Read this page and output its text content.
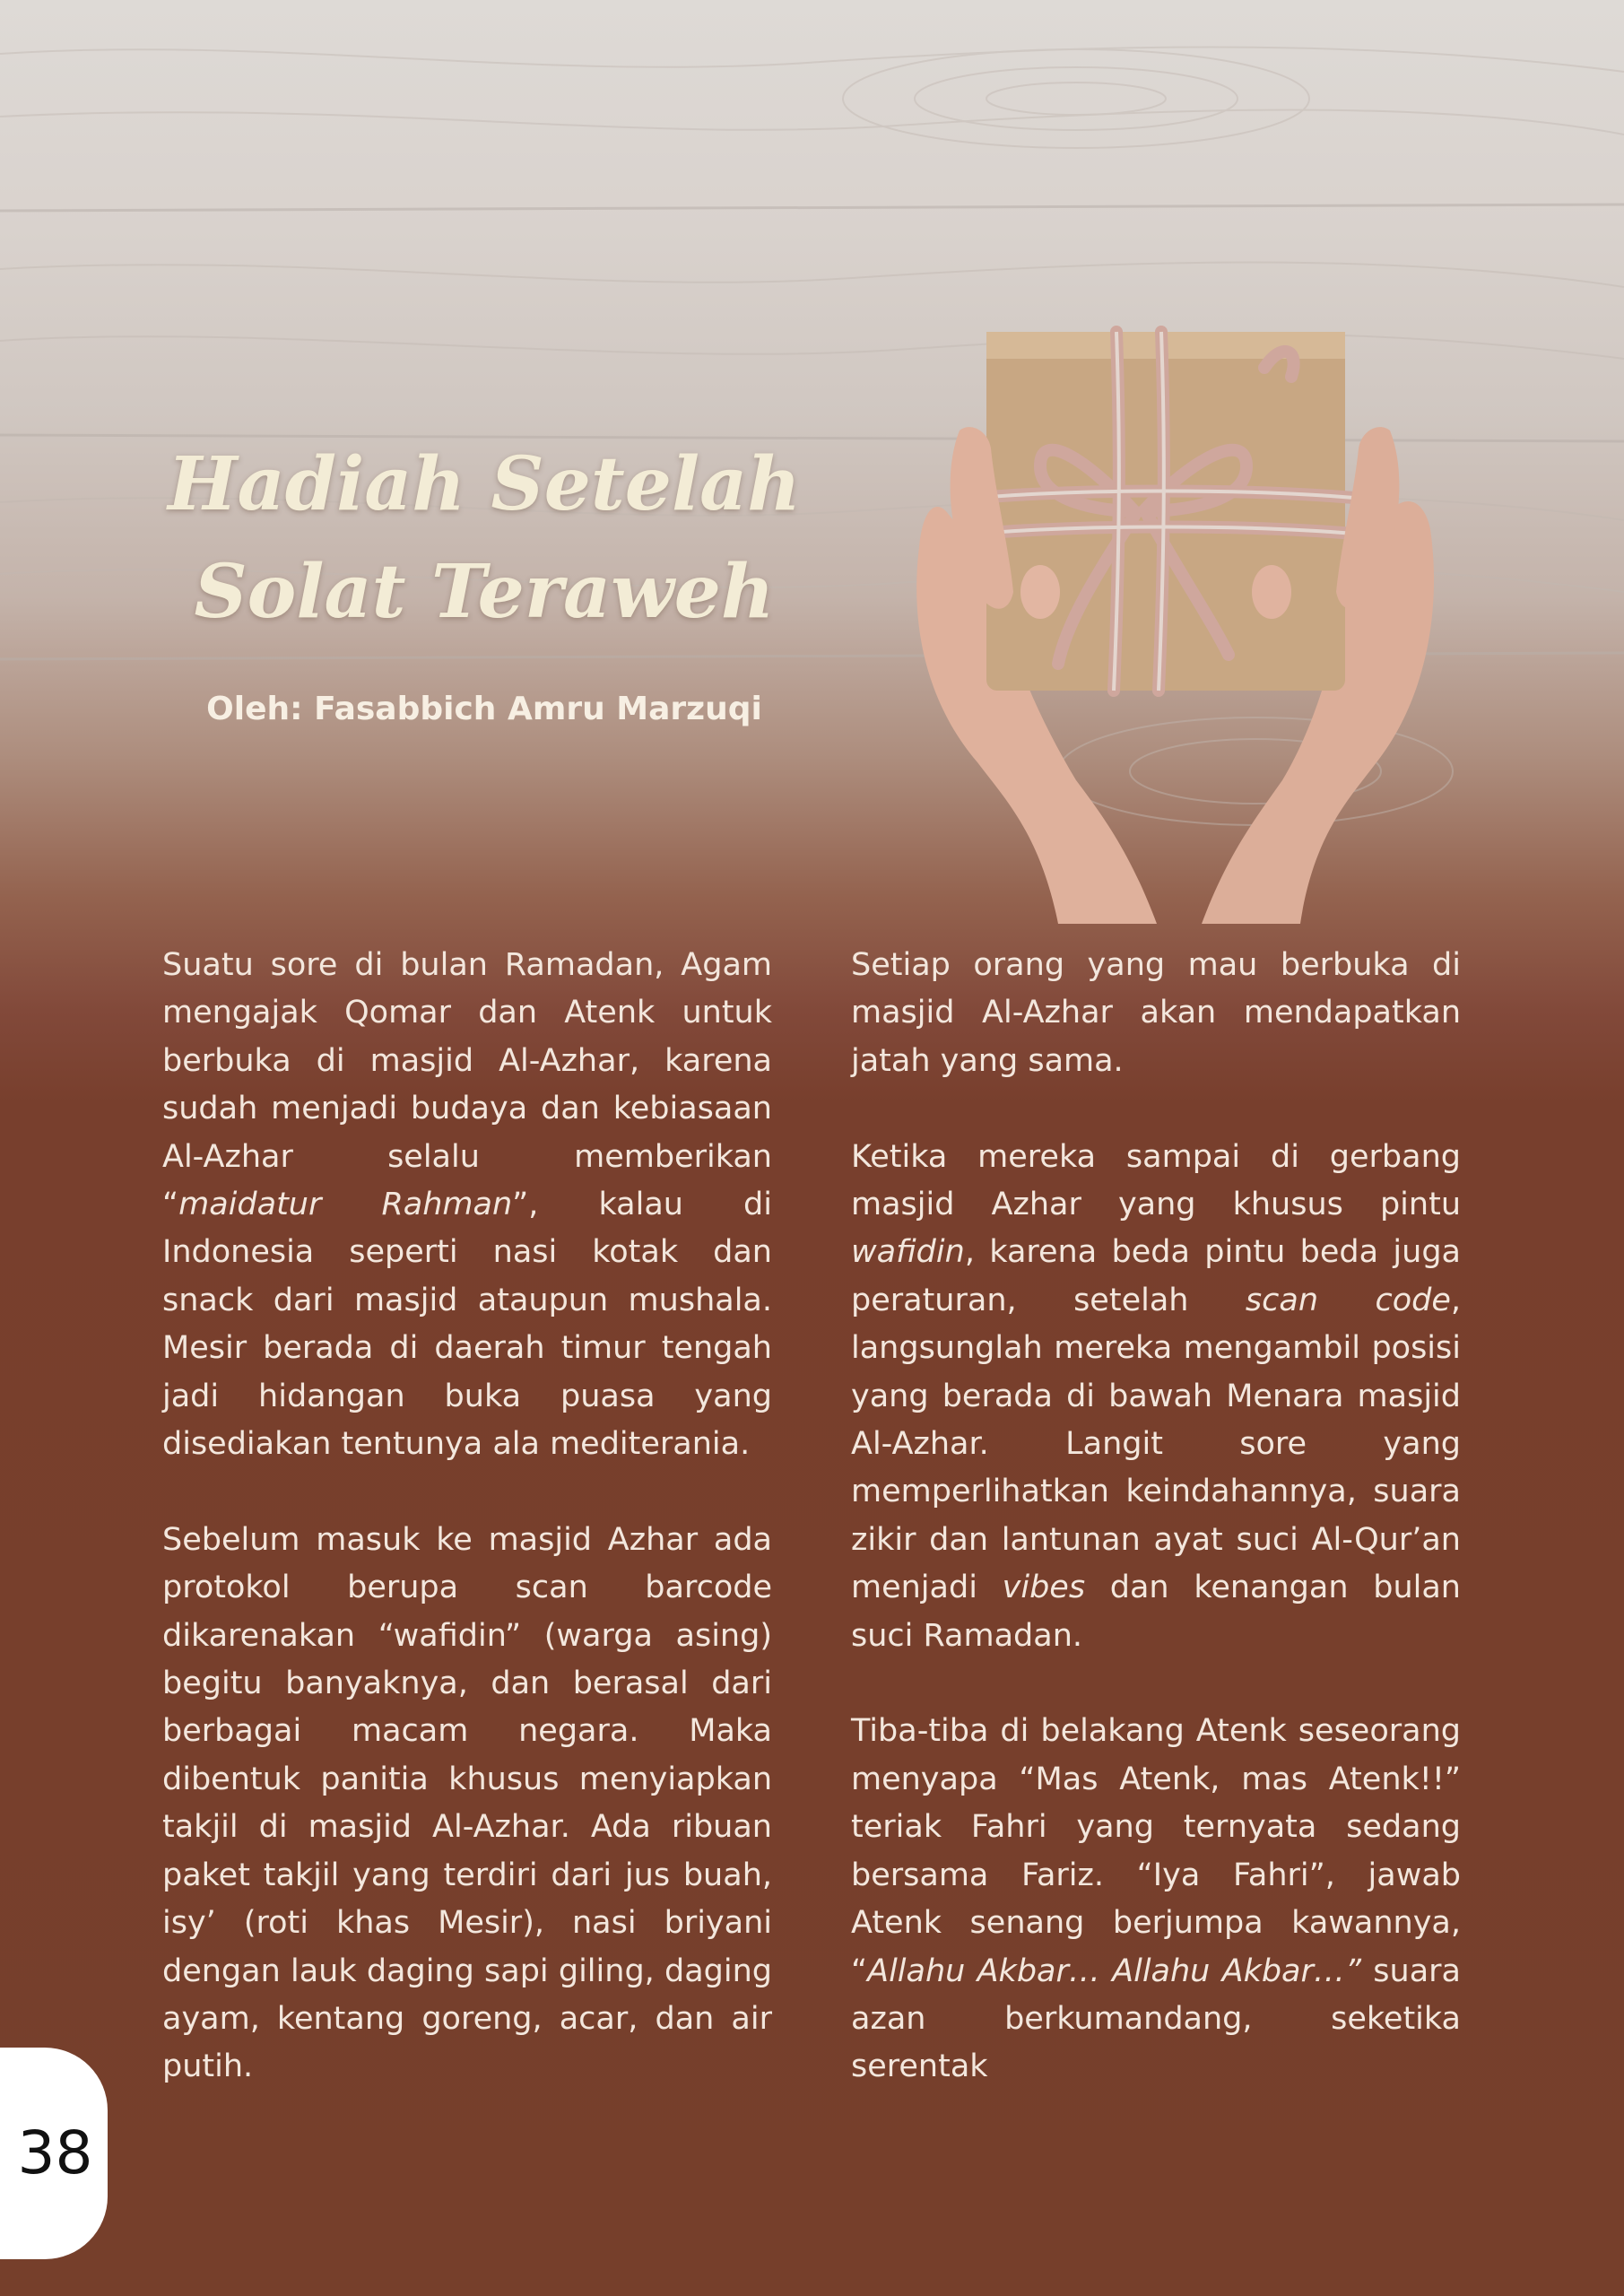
Hadiah Setelah Solat Teraweh
Oleh: Fasabbich Amru Marzuqi

Suatu sore di bulan Ramadan, Agam mengajak Qomar dan Atenk untuk berbuka di masjid Al-Azhar, karena sudah menjadi budaya dan kebiasaan Al-Azhar selalu memberikan “maidatur Rahman”, kalau di Indonesia seperti nasi kotak dan snack dari masjid ataupun mushala. Mesir berada di daerah timur tengah jadi hidangan buka puasa yang disediakan tentunya ala mediterania.

Sebelum masuk ke masjid Azhar ada protokol berupa scan barcode dikarenakan “wafidin” (warga asing) begitu banyaknya, dan berasal dari berbagai macam negara. Maka dibentuk panitia khusus menyiapkan takjil di masjid Al-Azhar. Ada ribuan paket takjil yang terdiri dari jus buah, isy’ (roti khas Mesir), nasi briyani dengan lauk daging sapi giling, daging ayam, kentang goreng, acar, dan air putih.

Setiap orang yang mau berbuka di masjid Al-Azhar akan mendapatkan jatah yang sama.

Ketika mereka sampai di gerbang masjid Azhar yang khusus pintu wafidin, karena beda pintu beda juga peraturan, setelah scan code, langsunglah mereka mengambil posisi yang berada di bawah Menara masjid Al-Azhar. Langit sore yang memperlihatkan keindahannya, suara zikir dan lantunan ayat suci Al-Qur’an menjadi vibes dan kenangan bulan suci Ramadan.

Tiba-tiba di belakang Atenk seseorang menyapa “Mas Atenk, mas Atenk!!” teriak Fahri yang ternyata sedang bersama Fariz. “Iya Fahri”, jawab Atenk senang berjumpa kawannya, “Allahu Akbar… Allahu Akbar…” suara azan berkumandang, seketika serentak

38
